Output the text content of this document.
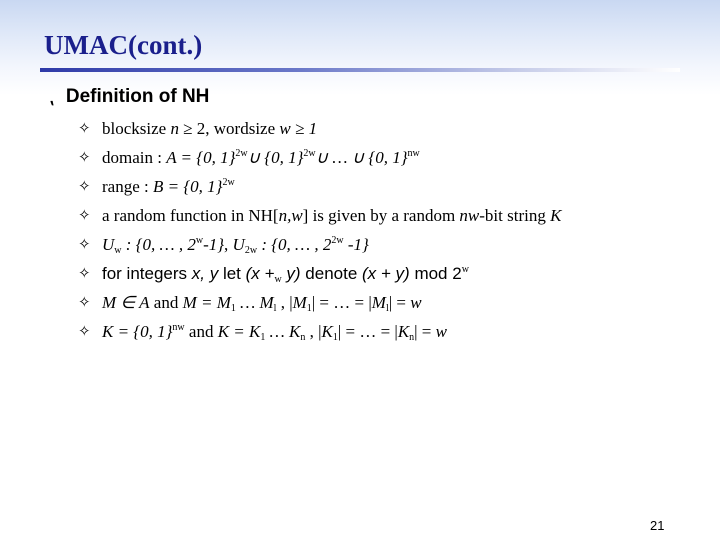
UMAC(cont.)
⹁ Definition of NH
✧ blocksize n ≥ 2, wordsize w ≥ 1
✧ domain : A = {0, 1}$^{2w}$∪ {0, 1}$^{2w}$∪ … ∪ {0, 1}$^{nw}$
✧ range : B = {0, 1}$^{2w}$
✧ a random function in NH[n,w] is given by a random nw-bit string K
✧ $U_w$ : {0, … , 2$^w$-1}, $U_{2w}$ : {0, … , $2^{2w}$ -1}
✧ for integers x, y let ($x +_w$ y) denote (x + y) mod 2$^w$
✧ M ∈ A and $M = M_1$ … $M_l$ , $|M_1|$ = … = $|M_l| = w$
✧ K = {0, 1}$^{nw}$ and $K = K_1$ … $K_n$ , $|K_1|$ = … = $|K_n| = w$
21
